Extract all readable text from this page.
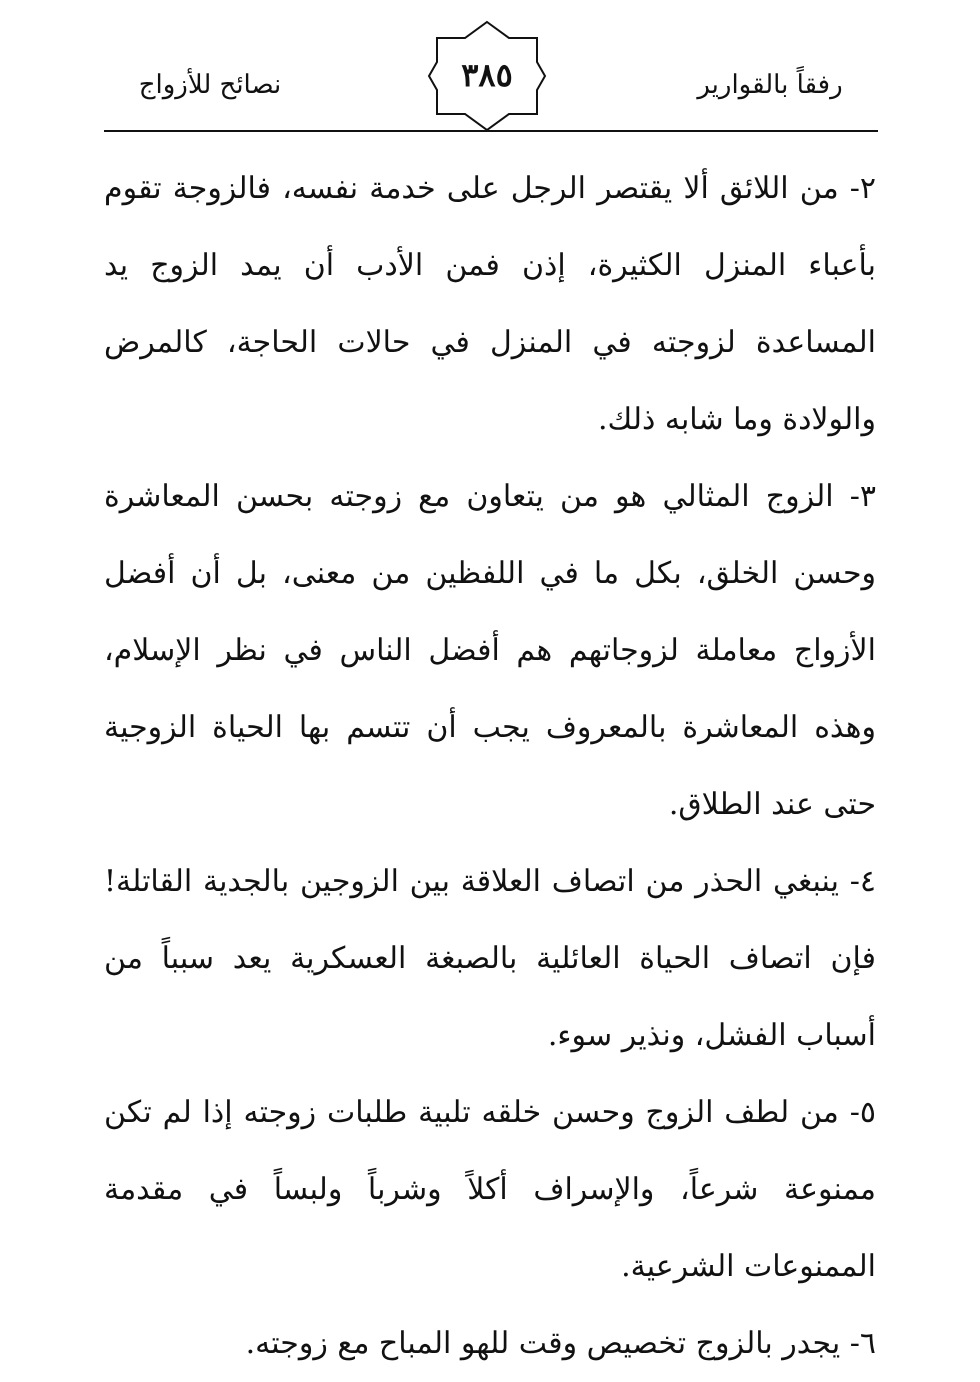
نصائح للأزواج	٣٨٥	رفقاً بالقوارير

٢- من اللائق ألا يقتصر الرجل على خدمة نفسه، فالزوجة تقوم بأعباء المنزل الكثيرة، إذن فمن الأدب أن يمد الزوج يد المساعدة لزوجته في المنزل في حالات الحاجة، كالمرض والولادة وما شابه ذلك.

٣- الزوج المثالي هو من يتعاون مع زوجته بحسن المعاشرة وحسن الخلق، بكل ما في اللفظين من معنى، بل أن أفضل الأزواج معاملة لزوجاتهم هم أفضل الناس في نظر الإسلام، وهذه المعاشرة بالمعروف يجب أن تتسم بها الحياة الزوجية حتى عند الطلاق.

٤- ينبغي الحذر من اتصاف العلاقة بين الزوجين بالجدية القاتلة! فإن اتصاف الحياة العائلية بالصبغة العسكرية يعد سبباً من أسباب الفشل، ونذير سوء.

٥- من لطف الزوج وحسن خلقه تلبية طلبات زوجته إذا لم تكن ممنوعة شرعاً، والإسراف أكلاً وشرباً ولبساً في مقدمة الممنوعات الشرعية.

٦- يجدر بالزوج تخصيص وقت للهو المباح مع زوجته.
